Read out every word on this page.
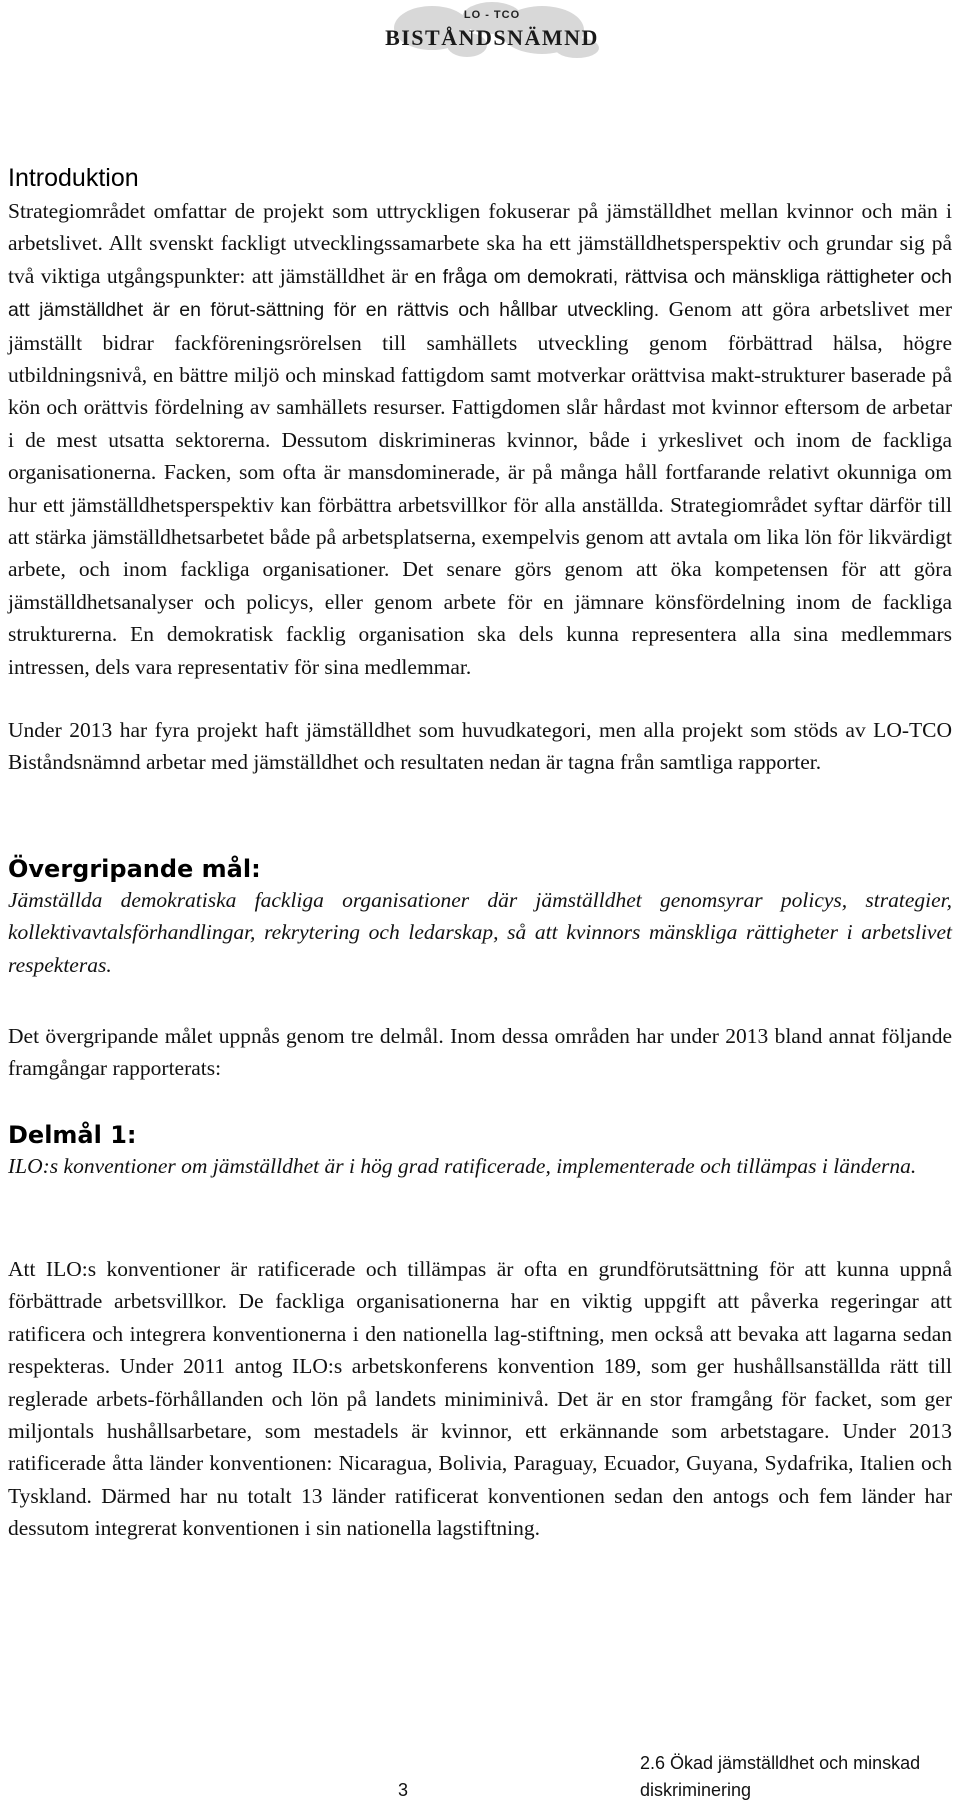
LO - TCO
BISTÅNDSNÄMND
Introduktion

Strategiområdet omfattar de projekt som uttryckligen fokuserar på jämställdhet mellan kvinnor och män i arbetslivet. Allt svenskt fackligt utvecklingssamarbete ska ha ett jämställdhetsperspektiv och grundar sig på två viktiga utgångspunkter: att jämställdhet är en fråga om demokrati, rättvisa och mänskliga rättigheter och att jämställdhet är en förut-sättning för en rättvis och hållbar utveckling. Genom att göra arbetslivet mer jämställt bidrar fackföreningsrörelsen till samhällets utveckling genom förbättrad hälsa, högre utbildningsnivå, en bättre miljö och minskad fattigdom samt motverkar orättvisa makt-strukturer baserade på kön och orättvis fördelning av samhällets resurser. Fattigdomen slår hårdast mot kvinnor eftersom de arbetar i de mest utsatta sektorerna. Dessutom diskrimineras kvinnor, både i yrkeslivet och inom de fackliga organisationerna. Facken, som ofta är mansdominerade, är på många håll fortfarande relativt okunniga om hur ett jämställdhetsperspektiv kan förbättra arbetsvillkor för alla anställda. Strategiområdet syftar därför till att stärka jämställdhetsarbetet både på arbetsplatserna, exempelvis genom att avtala om lika lön för likvärdigt arbete, och inom fackliga organisationer. Det senare görs genom att öka kompetensen för att göra jämställdhetsanalyser och policys, eller genom arbete för en jämnare könsfördelning inom de fackliga strukturerna. En demokratisk facklig organisation ska dels kunna representera alla sina medlemmars intressen, dels vara representativ för sina medlemmar.

Under 2013 har fyra projekt haft jämställdhet som huvudkategori, men alla projekt som stöds av LO-TCO Biståndsnämnd arbetar med jämställdhet och resultaten nedan är tagna från samtliga rapporter.

Övergripande mål:

Jämställda demokratiska fackliga organisationer där jämställdhet genomsyrar policys, strategier, kollektivavtalsförhandlingar, rekrytering och ledarskap, så att kvinnors mänskliga rättigheter i arbetslivet respekteras.

Det övergripande målet uppnås genom tre delmål. Inom dessa områden har under 2013 bland annat följande framgångar rapporterats:

Delmål 1:

ILO:s konventioner om jämställdhet är i hög grad ratificerade, implementerade och tillämpas i länderna.

Att ILO:s konventioner är ratificerade och tillämpas är ofta en grundförutsättning för att kunna uppnå förbättrade arbetsvillkor. De fackliga organisationerna har en viktig uppgift att påverka regeringar att ratificera och integrera konventionerna i den nationella lag-stiftning, men också att bevaka att lagarna sedan respekteras. Under 2011 antog ILO:s arbetskonferens konvention 189, som ger hushållsanställda rätt till reglerade arbets-förhållanden och lön på landets miniminivå. Det är en stor framgång för facket, som ger miljontals hushållsarbetare, som mestadels är kvinnor, ett erkännande som arbetstagare. Under 2013 ratificerade åtta länder konventionen: Nicaragua, Bolivia, Paraguay, Ecuador, Guyana, Sydafrika, Italien och Tyskland. Därmed har nu totalt 13 länder ratificerat konventionen sedan den antogs och fem länder har dessutom integrerat konventionen i sin nationella lagstiftning.

3
2.6 Ökad jämställdhet och minskad diskriminering
